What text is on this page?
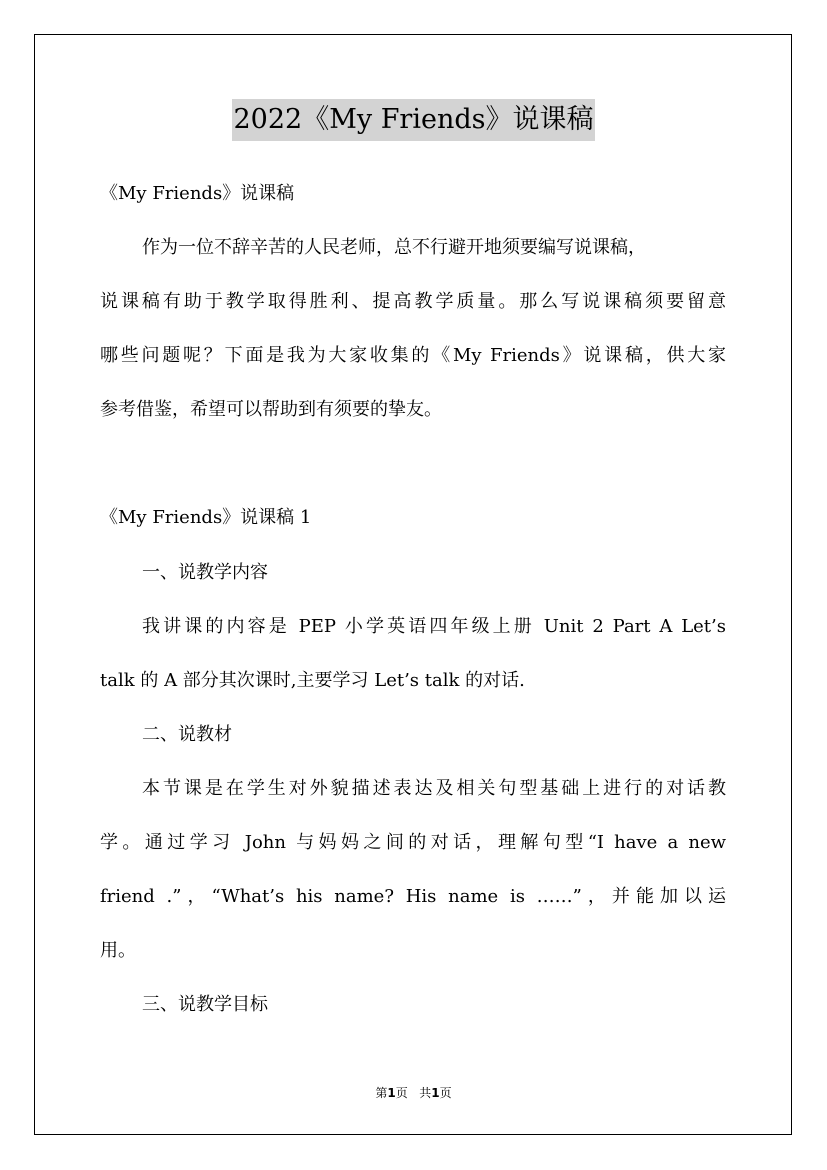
2022《My Friends》说课稿
《My Friends》说课稿
作为一位不辞辛苦的人民老师，总不行避开地须要编写说课稿，
说课稿有助于教学取得胜利、提高教学质量。那么写说课稿须要留意
哪些问题呢？下面是我为大家收集的《My Friends》说课稿，供大家
参考借鉴，希望可以帮助到有须要的挚友。
《My Friends》说课稿 1
一、说教学内容
我讲课的内容是 PEP 小学英语四年级上册 Unit 2 Part A Let’s
talk 的 A 部分其次课时,主要学习 Let’s talk 的对话.
二、说教材
本节课是在学生对外貌描述表达及相关句型基础上进行的对话教
学。通过学习 John 与妈妈之间的对话，理解句型“I have a new
friend .”，“What’s his name? His name is ……”，并能加以运
用。
三、说教学目标
第1页 共1页
